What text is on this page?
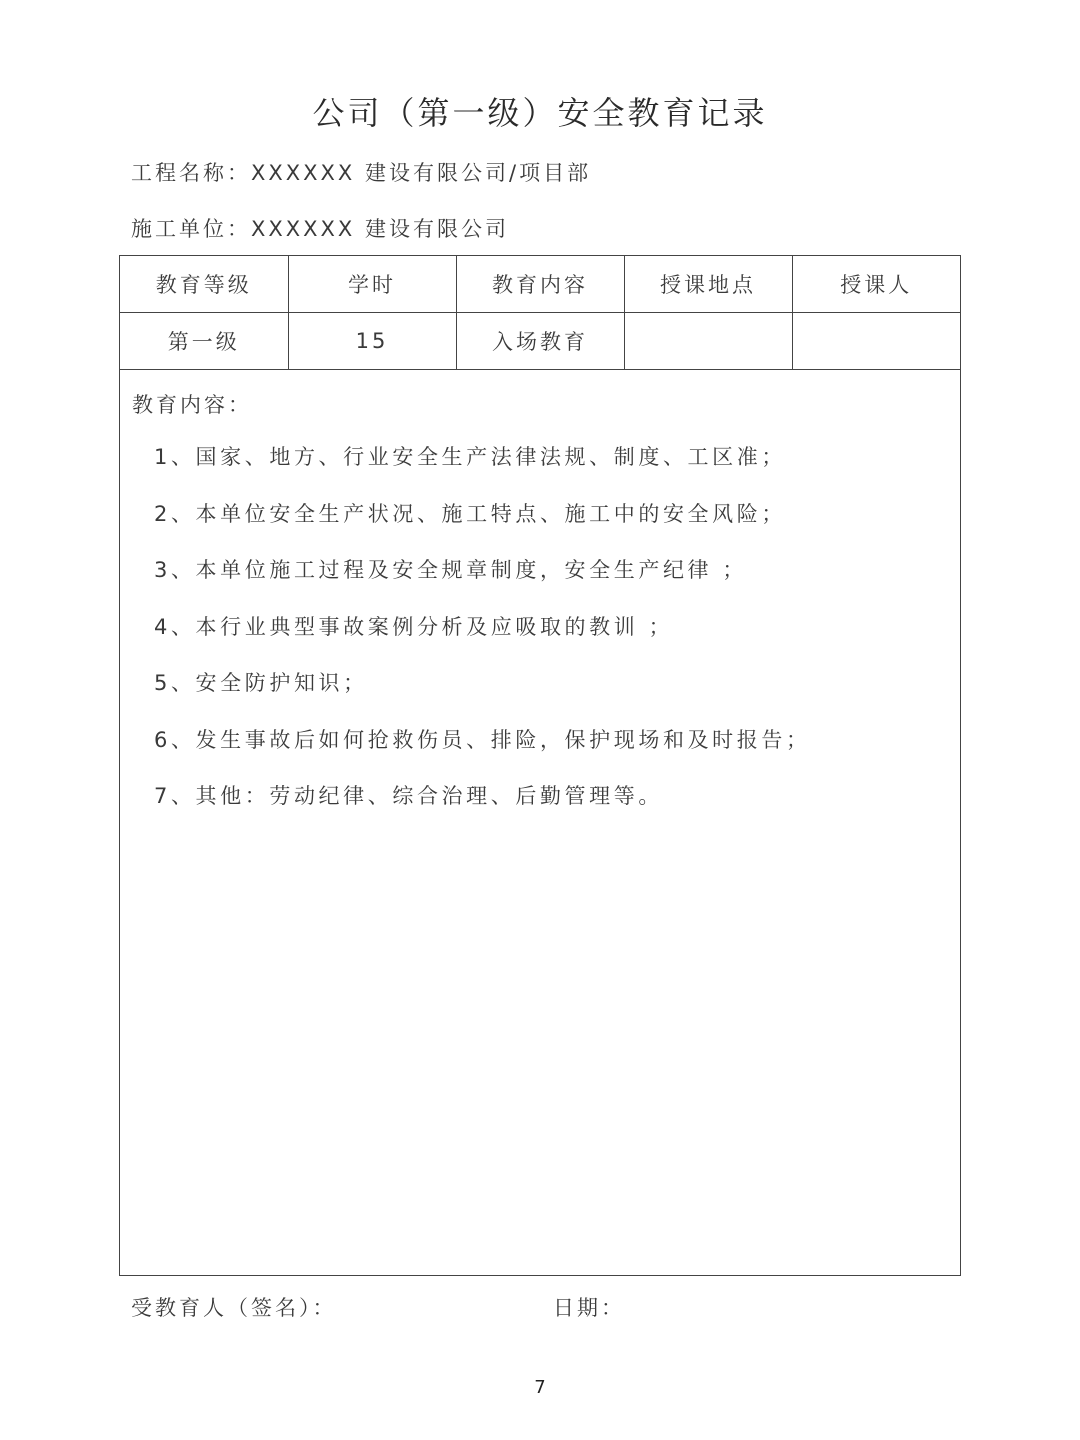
公司（第一级）安全教育记录
工程名称：XXXXXX 建设有限公司/项目部
施工单位：XXXXXX 建设有限公司
教育等级	学时	教育内容	授课地点	授课人
第一级	15	入场教育		
教育内容：
1、国家、地方、行业安全生产法律法规、制度、工区准；
2、本单位安全生产状况、施工特点、施工中的安全风险；
3、本单位施工过程及安全规章制度，安全生产纪律 ；
4、本行业典型事故案例分析及应吸取的教训 ；
5、安全防护知识；
6、发生事故后如何抢救伤员、排险，保护现场和及时报告；
7、其他：劳动纪律、综合治理、后勤管理等。
受教育人（签名）：	日期：
7
